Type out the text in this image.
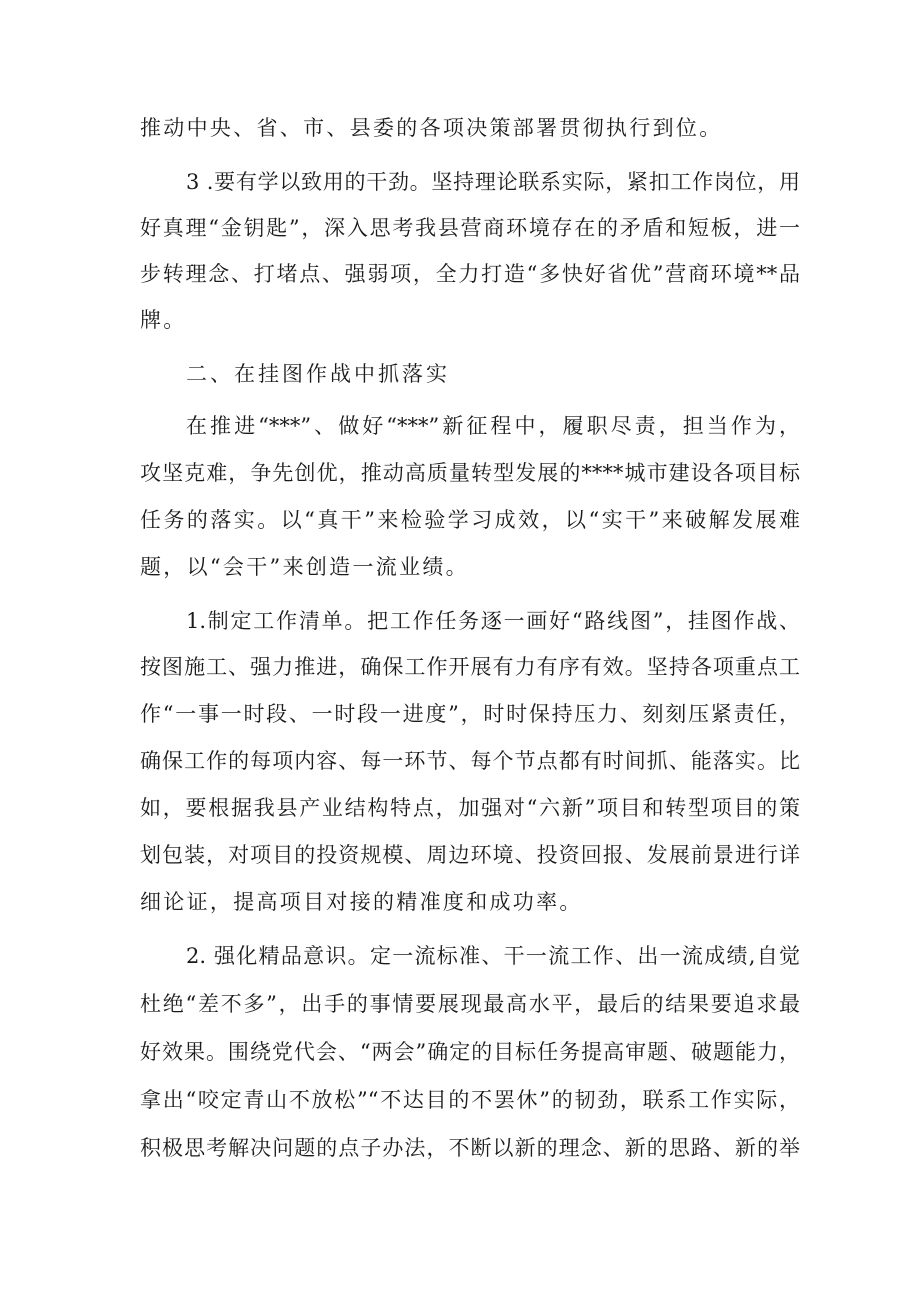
推动中央、省、市、县委的各项决策部署贯彻执行到位。
3 .要有学以致用的干劲。坚持理论联系实际，紧扣工作岗位，用
好真理“金钥匙”，深入思考我县营商环境存在的矛盾和短板，进一
步转理念、打堵点、强弱项，全力打造“多快好省优”营商环境**品
牌。
二、在挂图作战中抓落实
在推进“***”、做好“***”新征程中，履职尽责，担当作为，
攻坚克难，争先创优，推动高质量转型发展的****城市建设各项目标
任务的落实。以“真干”来检验学习成效，以“实干”来破解发展难
题，以“会干”来创造一流业绩。
1.制定工作清单。把工作任务逐一画好“路线图”，挂图作战、
按图施工、强力推进，确保工作开展有力有序有效。坚持各项重点工
作“一事一时段、一时段一进度”，时时保持压力、刻刻压紧责任，
确保工作的每项内容、每一环节、每个节点都有时间抓、能落实。比
如，要根据我县产业结构特点，加强对“六新”项目和转型项目的策
划包装，对项目的投资规模、周边环境、投资回报、发展前景进行详
细论证，提高项目对接的精准度和成功率。
2. 强化精品意识。定一流标准、干一流工作、出一流成绩,自觉
杜绝“差不多”，出手的事情要展现最高水平，最后的结果要追求最
好效果。围绕党代会、“两会”确定的目标任务提高审题、破题能力，
拿出“咬定青山不放松”“不达目的不罢休”的韧劲，联系工作实际，
积极思考解决问题的点子办法，不断以新的理念、新的思路、新的举
